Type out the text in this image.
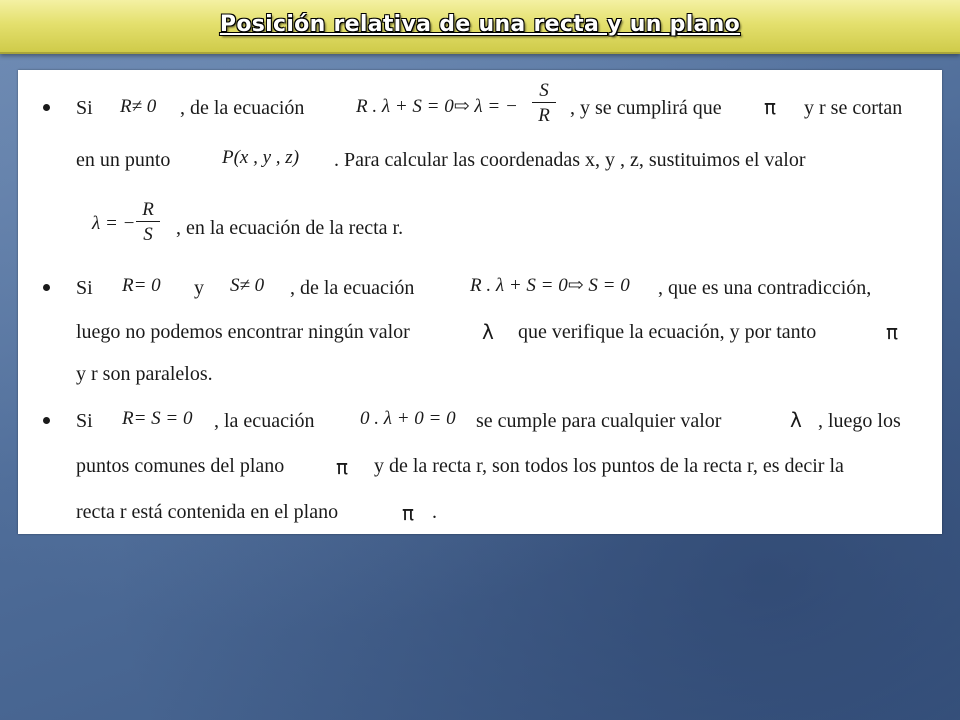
Posición relativa de una recta y un plano
Si R≠ 0 , de la ecuación	R . λ + S = 0⇨ λ = −
S
R	, y se cumplirá que π y r se cortan
en un punto	P(x , y , z) . Para calcular las coordenadas x, y , z, sustituimos el valor
λ = −
R
S	, en la ecuación de la recta r.
Si R= 0 y S≠ 0 , de la ecuación	R . λ + S = 0⇨ S = 0 , que es una contradicción,
luego no podemos encontrar ningún valor	λ que verifique la ecuación, y por tanto	π
y r son paralelos.
Si R= S = 0 , la ecuación 0 . λ + 0 = 0 se cumple para cualquier valor	λ , luego los
puntos comunes del plano	π y de la recta r, son todos los puntos de la recta r, es decir la
recta r está contenida en el plano	π .
